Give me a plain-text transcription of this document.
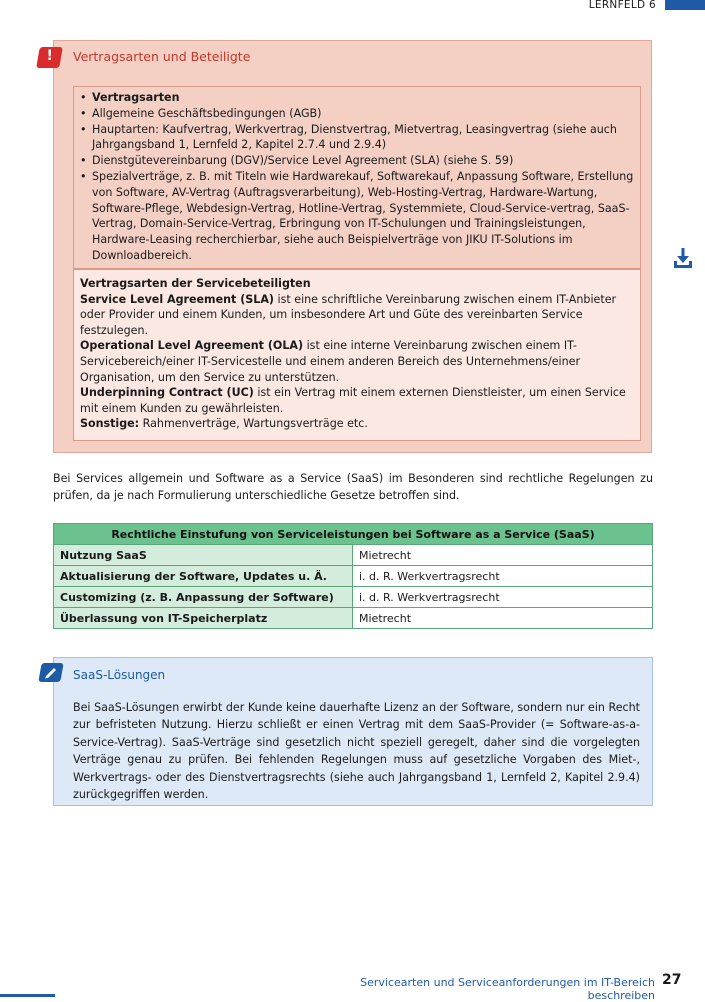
LERNFELD 6
!	Vertragsarten und Beteiligte
• Vertragsarten
• Allgemeine Geschäftsbedingungen (AGB)
• Hauptarten: Kaufvertrag, Werkvertrag, Dienstvertrag, Mietvertrag, Leasingvertrag (siehe auch Jahrgangsband 1, Lernfeld 2, Kapitel 2.7.4 und 2.9.4)
• Dienstgütevereinbarung (DGV)/Service Level Agreement (SLA) (siehe S. 59)
• Spezialverträge, z. B. mit Titeln wie Hardwarekauf, Softwarekauf, Anpassung Software, Erstellung von Software, AV-Vertrag (Auftragsverarbeitung), Web-Hosting-Vertrag, Hardware-Wartung, Software-Pflege, Webdesign-Vertrag, Hotline-Vertrag, Systemmiete, Cloud-Service-vertrag, SaaS-Vertrag, Domain-Service-Vertrag, Erbringung von IT-Schulungen und Trainingsleistungen, Hardware-Leasing recherchierbar, siehe auch Beispielverträge von JIKU IT-Solutions im Downloadbereich.

Vertragsarten der Servicebeteiligten

Service Level Agreement (SLA) ist eine schriftliche Vereinbarung zwischen einem IT-Anbieter oder Provider und einem Kunden, um insbesondere Art und Güte des vereinbarten Service festzulegen.

Operational Level Agreement (OLA) ist eine interne Vereinbarung zwischen einem IT-Servicebereich/einer IT-Servicestelle und einem anderen Bereich des Unternehmens/einer Organisation, um den Service zu unterstützen.

Underpinning Contract (UC) ist ein Vertrag mit einem externen Dienstleister, um einen Service mit einem Kunden zu gewährleisten.

Sonstige: Rahmenverträge, Wartungsverträge etc.

Bei Services allgemein und Software as a Service (SaaS) im Besonderen sind rechtliche Regelungen zu prüfen, da je nach Formulierung unterschiedliche Gesetze betroffen sind.
Rechtliche Einstufung von Serviceleistungen bei Software as a Service (SaaS)	
Nutzung SaaS	Mietrecht
Aktualisierung der Software, Updates u. Ä.	i. d. R. Werkvertragsrecht
Customizing (z. B. Anpassung der Software)	i. d. R. Werkvertragsrecht
Überlassung von IT-Speicherplatz	Mietrecht
SaaS-Lösungen
Bei SaaS-Lösungen erwirbt der Kunde keine dauerhafte Lizenz an der Software, sondern nur ein Recht zur befristeten Nutzung. Hierzu schließt er einen Vertrag mit dem SaaS-Provider (= Software-as-a-Service-Vertrag). SaaS-Verträge sind gesetzlich nicht speziell geregelt, daher sind die vorgelegten Verträge genau zu prüfen. Bei fehlenden Regelungen muss auf gesetzliche Vorgaben des Miet-, Werkvertrags- oder des Dienstvertragsrechts (siehe auch Jahrgangsband 1, Lernfeld 2, Kapitel 2.9.4) zurückgegriffen werden.
Servicearten und Serviceanforderungen im IT-Bereich beschreiben
27
